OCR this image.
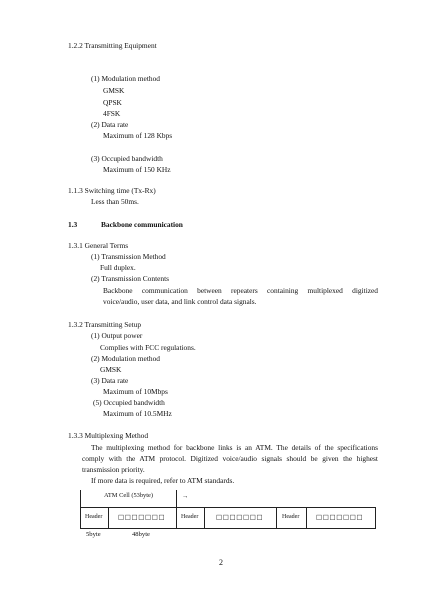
1.2.2 Transmitting Equipment
(1) Modulation method
GMSK
QPSK
4FSK
(2) Data rate
Maximum of 128 Kbps
(3) Occupied bandwidth
Maximum of 150 KHz
1.1.3 Switching time (Tx-Rx)
Less than 50ms.
1.3	Backbone communication
1.3.1 General Terms
(1) Transmission Method
Full duplex.
(2) Transmission Contents
Backbone communication between repeaters containing multiplexed digitized
voice/audio, user data, and link control data signals.
1.3.2 Transmitting Setup
(1) Output power
Complies with FCC regulations.
(2) Modulation method
GMSK
(3) Data rate
Maximum of 10Mbps
(5) Occupied bandwidth
Maximum of 10.5MHz
1.3.3 Multiplexing Method
The multiplexing method for backbone links is an ATM. The details of the specifications
comply with the ATM protocol. Digitized voice/audio signals should be given the highest
transmission priority.
If more data is required, refer to ATM standards.
ATM Cell (53byte)	→
Header □□□□□□□	Header	□□□□□□□	Header	□□□□□□□
5byte	48byte
2
